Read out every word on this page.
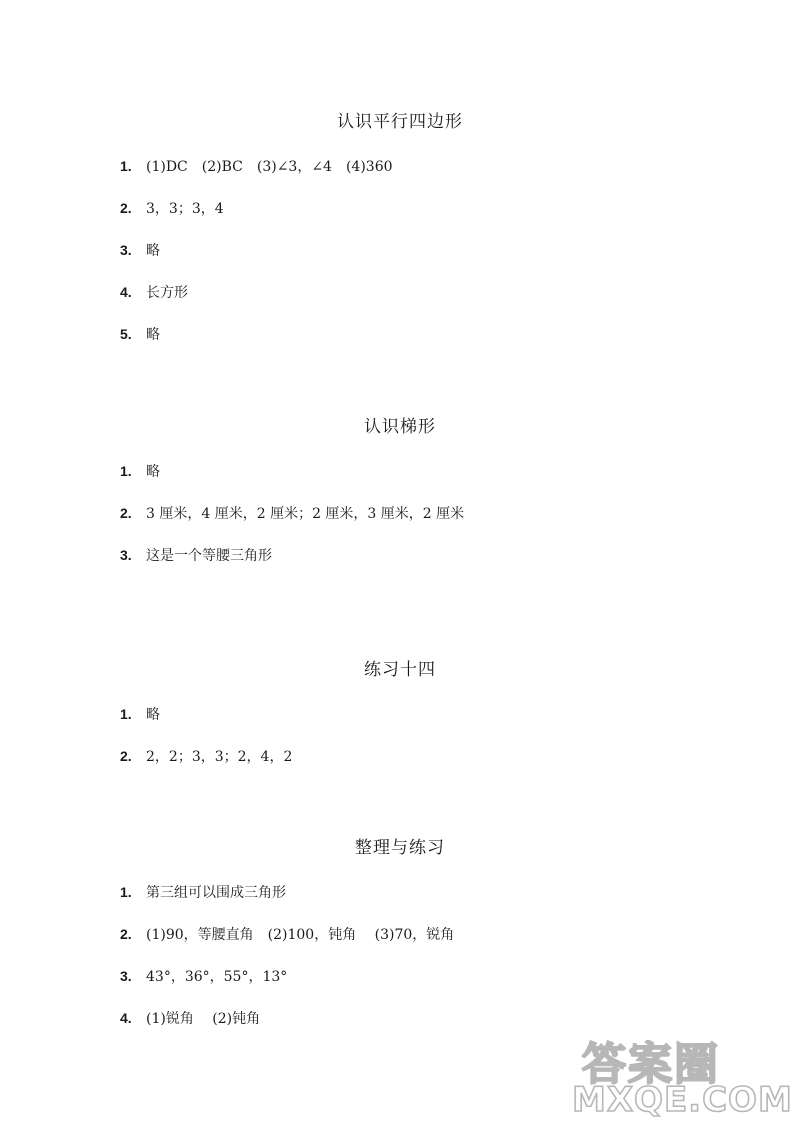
认识平行四边形
1. (1)DC　(2)BC　(3)∠3，∠4　(4)360
2. 3，3；3，4
3. 略
4. 长方形
5. 略
认识梯形
1. 略
2. 3 厘米，4 厘米，2 厘米；2 厘米，3 厘米，2 厘米
3. 这是一个等腰三角形
练习十四
1. 略
2. 2，2；3，3；2，4，2
整理与练习
1. 第三组可以围成三角形
2. (1)90，等腰直角　(2)100，钝角　 (3)70，锐角
3. 43°，36°，55°，13°
4. (1)锐角　 (2)钝角
答案圈
MXQE.COM
